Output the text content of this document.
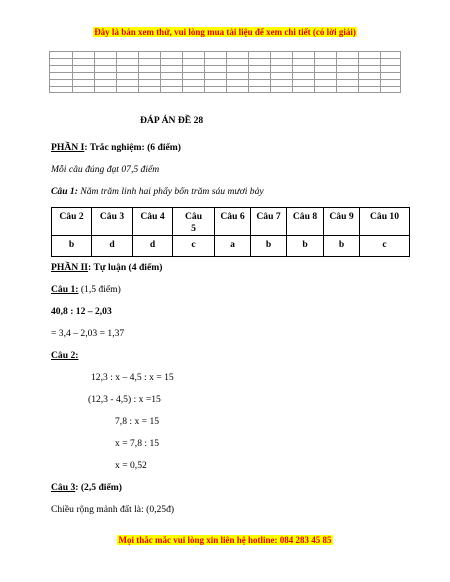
Đây là bản xem thử, vui lòng mua tài liệu để xem chi tiết (có lời giải)
ĐÁP ÁN ĐỀ 28
PHẦN I: Trắc nghiệm: (6 điểm)
Mỗi câu đúng đạt 07,5 điểm
Câu 1: Năm trăm linh hai phẩy bốn trăm sáu mươi bảy
Câu 2	Câu 3	Câu 4	Câu 5	Câu 6	Câu 7	Câu 8	Câu 9	Câu 10
b	d	d	c	a	b	b	b	c
PHẦN II: Tự luận (4 điểm)
Câu 1: (1,5 điểm)
40,8 : 12 – 2,03
= 3,4 – 2,03 = 1,37
Câu 2:
12,3 : x – 4,5 : x = 15
(12,3 - 4,5) : x =15
7,8 : x = 15
x = 7,8 : 15
x = 0,52
Câu 3: (2,5 điểm)
Chiều rộng mảnh đất là: (0,25đ)
Mọi thắc mắc vui lòng xin liên hệ hotline: 084 283 45 85
